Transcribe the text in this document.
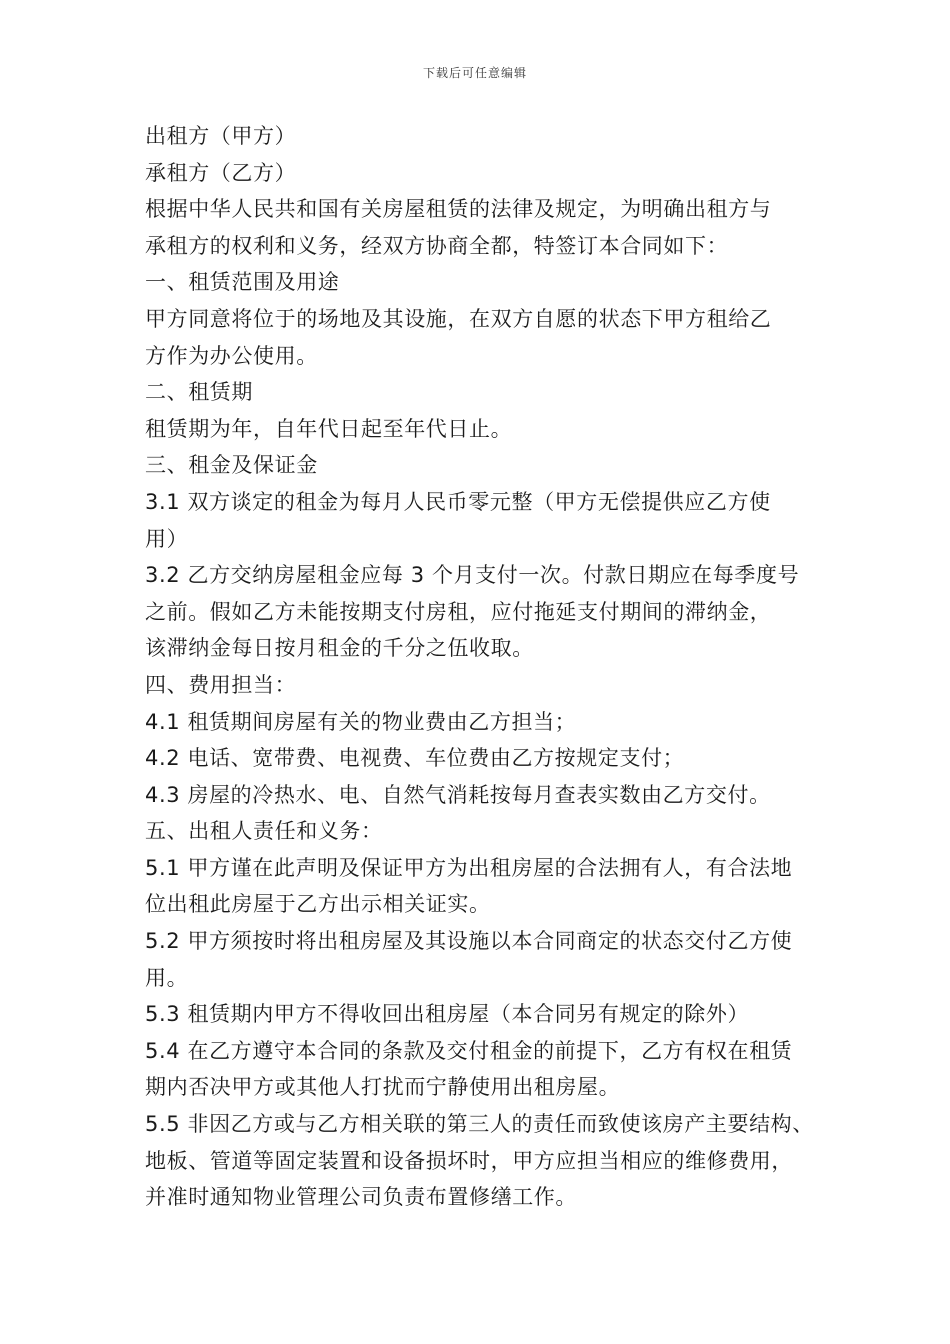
下载后可任意编辑
出租方（甲方）
承租方（乙方）
根据中华人民共和国有关房屋租赁的法律及规定，为明确出租方与
承租方的权利和义务，经双方协商全都，特签订本合同如下：
一、租赁范围及用途
甲方同意将位于的场地及其设施，在双方自愿的状态下甲方租给乙
方作为办公使用。
二、租赁期
租赁期为年，自年代日起至年代日止。
三、租金及保证金
3.1 双方谈定的租金为每月人民币零元整（甲方无偿提供应乙方使
用）
3.2 乙方交纳房屋租金应每 3 个月支付一次。付款日期应在每季度号
之前。假如乙方未能按期支付房租，应付拖延支付期间的滞纳金，
该滞纳金每日按月租金的千分之伍收取。
四、费用担当：
4.1 租赁期间房屋有关的物业费由乙方担当；
4.2 电话、宽带费、电视费、车位费由乙方按规定支付；
4.3 房屋的冷热水、电、自然气消耗按每月查表实数由乙方交付。
五、出租人责任和义务：
5.1 甲方谨在此声明及保证甲方为出租房屋的合法拥有人，有合法地
位出租此房屋于乙方出示相关证实。
5.2 甲方须按时将出租房屋及其设施以本合同商定的状态交付乙方使
用。
5.3 租赁期内甲方不得收回出租房屋（本合同另有规定的除外）
5.4 在乙方遵守本合同的条款及交付租金的前提下，乙方有权在租赁
期内否决甲方或其他人打扰而宁静使用出租房屋。
5.5 非因乙方或与乙方相关联的第三人的责任而致使该房产主要结构、
地板、管道等固定装置和设备损坏时，甲方应担当相应的维修费用，
并准时通知物业管理公司负责布置修缮工作。
